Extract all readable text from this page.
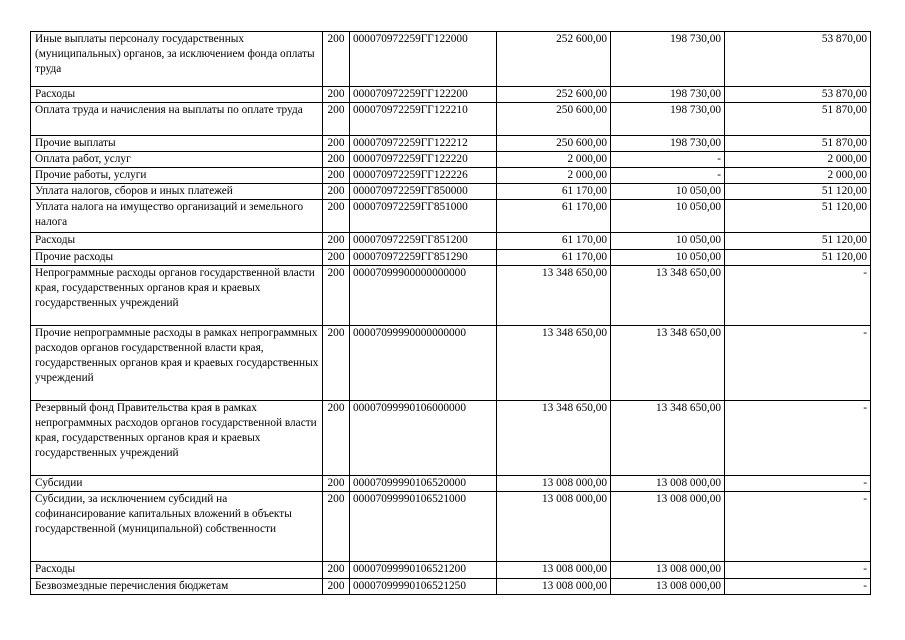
Иные выплаты персоналу государственных (муниципальных) органов, за исключением фонда оплаты труда	200	000070972259ГГ122000	252 600,00	198 730,00	53 870,00
Расходы	200	000070972259ГГ122200	252 600,00	198 730,00	53 870,00
Оплата труда и начисления на выплаты по оплате труда	200	000070972259ГГ122210	250 600,00	198 730,00	51 870,00
Прочие выплаты	200	000070972259ГГ122212	250 600,00	198 730,00	51 870,00
Оплата работ, услуг	200	000070972259ГГ122220	2 000,00	-	2 000,00
Прочие работы, услуги	200	000070972259ГГ122226	2 000,00	-	2 000,00
Уплата налогов, сборов и иных платежей	200	000070972259ГГ850000	61 170,00	10 050,00	51 120,00
Уплата налога на имущество организаций и земельного налога	200	000070972259ГГ851000	61 170,00	10 050,00	51 120,00
Расходы	200	000070972259ГГ851200	61 170,00	10 050,00	51 120,00
Прочие расходы	200	000070972259ГГ851290	61 170,00	10 050,00	51 120,00
Непрограммные расходы органов государственной власти края, государственных органов края и краевых государственных учреждений	200	00007099900000000000	13 348 650,00	13 348 650,00	-
Прочие непрограммные расходы в рамках непрограммных расходов органов государственной власти края, государственных органов края и краевых государственных учреждений	200	00007099990000000000	13 348 650,00	13 348 650,00	-
Резервный фонд Правительства края в рамках непрограммных расходов органов государственной власти края, государственных органов края и краевых государственных учреждений	200	00007099990106000000	13 348 650,00	13 348 650,00	-
Субсидии	200	00007099990106520000	13 008 000,00	13 008 000,00	-
Субсидии, за исключением субсидий на софинансирование капитальных вложений в объекты государственной (муниципальной) собственности	200	00007099990106521000	13 008 000,00	13 008 000,00	-
Расходы	200	00007099990106521200	13 008 000,00	13 008 000,00	-
Безвозмездные перечисления бюджетам	200	00007099990106521250	13 008 000,00	13 008 000,00	-
